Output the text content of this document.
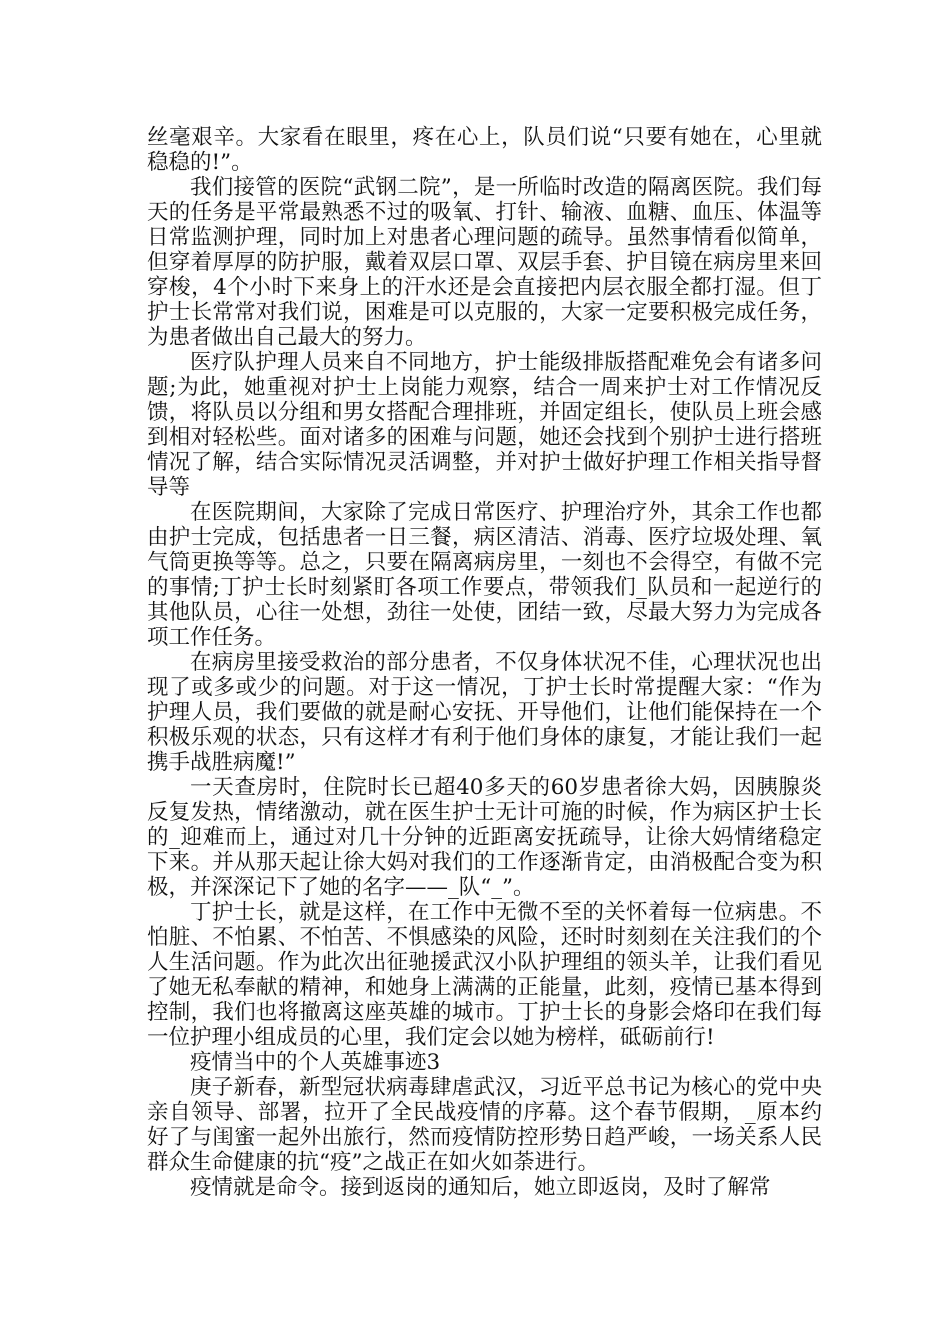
丝毫艰辛。大家看在眼里，疼在心上，队员们说“只要有她在，心里就稳稳的!”。

我们接管的医院“武钢二院”，是一所临时改造的隔离医院。我们每天的任务是平常最熟悉不过的吸氧、打针、输液、血糖、血压、体温等日常监测护理，同时加上对患者心理问题的疏导。虽然事情看似简单，但穿着厚厚的防护服，戴着双层口罩、双层手套、护目镜在病房里来回穿梭，4个小时下来身上的汗水还是会直接把内层衣服全都打湿。但丁护士长常常对我们说，困难是可以克服的，大家一定要积极完成任务，为患者做出自己最大的努力。

医疗队护理人员来自不同地方，护士能级排版搭配难免会有诸多问题;为此，她重视对护士上岗能力观察，结合一周来护士对工作情况反馈，将队员以分组和男女搭配合理排班，并固定组长，使队员上班会感到相对轻松些。面对诸多的困难与问题，她还会找到个别护士进行搭班情况了解，结合实际情况灵活调整，并对护士做好护理工作相关指导督导等

在医院期间，大家除了完成日常医疗、护理治疗外，其余工作也都由护士完成，包括患者一日三餐，病区清洁、消毒、医疗垃圾处理、氧气筒更换等等。总之，只要在隔离病房里，一刻也不会得空，有做不完的事情;丁护士长时刻紧盯各项工作要点，带领我们_队员和一起逆行的其他队员，心往一处想，劲往一处使，团结一致，尽最大努力为完成各项工作任务。

在病房里接受救治的部分患者，不仅身体状况不佳，心理状况也出现了或多或少的问题。对于这一情况，丁护士长时常提醒大家：“作为护理人员，我们要做的就是耐心安抚、开导他们，让他们能保持在一个积极乐观的状态，只有这样才有利于他们身体的康复，才能让我们一起携手战胜病魔!”

一天查房时，住院时长已超40多天的60岁患者徐大妈，因胰腺炎反复发热，情绪激动，就在医生护士无计可施的时候，作为病区护士长的_迎难而上，通过对几十分钟的近距离安抚疏导，让徐大妈情绪稳定下来。并从那天起让徐大妈对我们的工作逐渐肯定，由消极配合变为积极，并深深记下了她的名字——_队“_”。

丁护士长，就是这样，在工作中无微不至的关怀着每一位病患。不怕脏、不怕累、不怕苦、不惧感染的风险，还时时刻刻在关注我们的个人生活问题。作为此次出征驰援武汉小队护理组的领头羊，让我们看见了她无私奉献的精神，和她身上满满的正能量，此刻，疫情已基本得到控制，我们也将撤离这座英雄的城市。丁护士长的身影会烙印在我们每一位护理小组成员的心里，我们定会以她为榜样，砥砺前行!

疫情当中的个人英雄事迹3

庚子新春，新型冠状病毒肆虐武汉，习近平总书记为核心的党中央亲自领导、部署，拉开了全民战疫情的序幕。这个春节假期，_原本约好了与闺蜜一起外出旅行，然而疫情防控形势日趋严峻，一场关系人民群众生命健康的抗“疫”之战正在如火如荼进行。

疫情就是命令。接到返岗的通知后，她立即返岗，及时了解常
